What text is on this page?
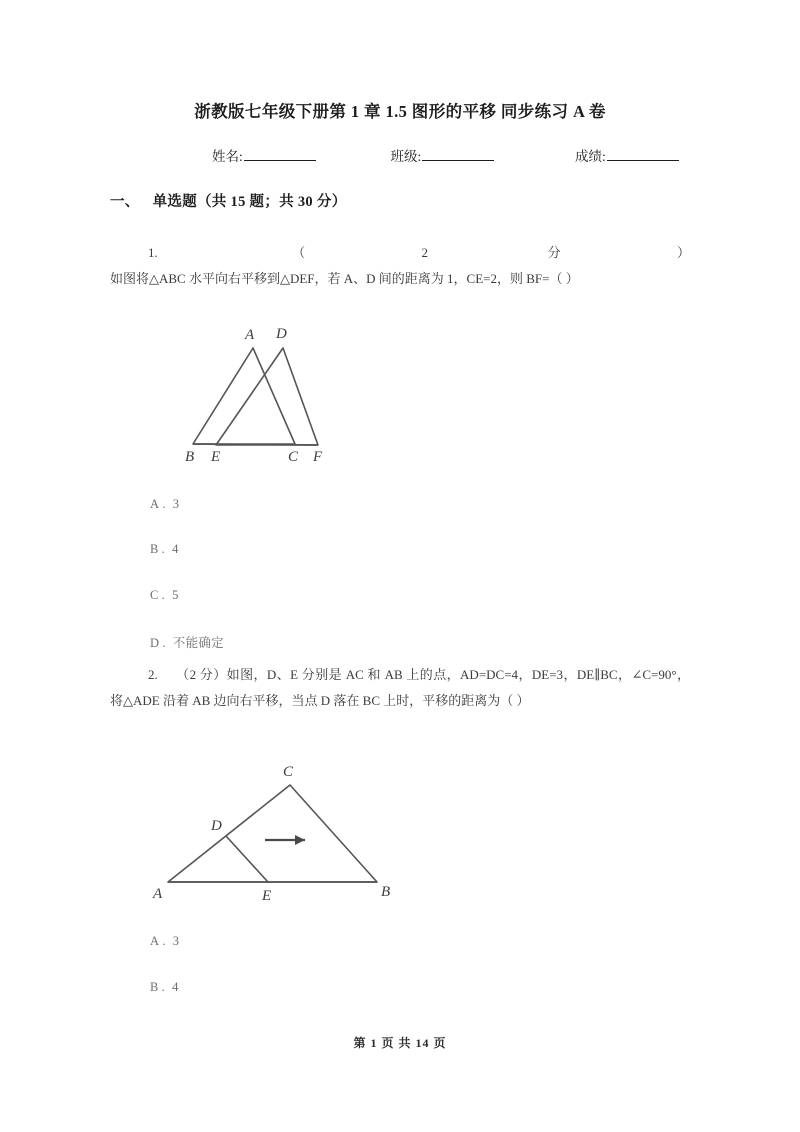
浙教版七年级下册第 1 章 1.5 图形的平移 同步练习 A 卷
姓名:	班级:	成绩:
一、 单选题（共 15 题；共 30 分）
1. （2 分）如图将△ABC 水平向右平移到△DEF，若 A、D 间的距离为 1，CE=2，则 BF=（ ）
A D
B E	C F
A . 3
B . 4
C . 5
D . 不能确定
2. （2 分）如图，D、E 分别是 AC 和 AB 上的点，AD=DC=4，DE=3，DE∥BC，∠C=90°，将△ADE 沿着 AB 边向右平移，当点 D 落在 BC 上时，平移的距离为（ ）
C
D
A	E	B
A . 3
B . 4
第 1 页 共 14 页
